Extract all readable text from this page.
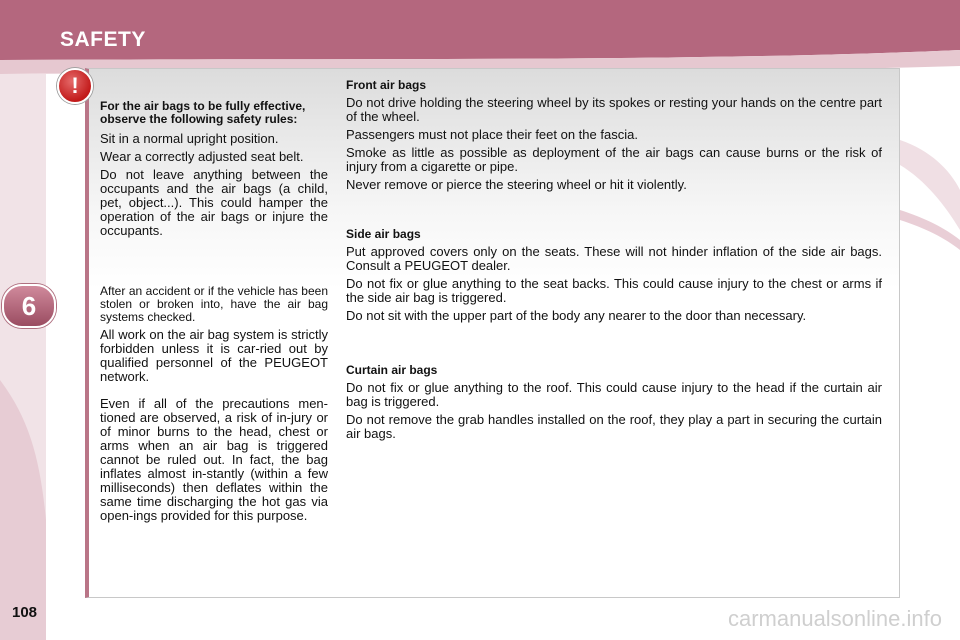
SAFETY
6
!

For the air bags to be fully effective, observe the following safety rules:

Sit in a normal upright position.

Wear a correctly adjusted seat belt.

Do not leave anything between the occupants and the air bags (a child, pet, object...). This could hamper the operation of the air bags or injure the occupants.

After an accident or if the vehicle has been stolen or broken into, have the air bag systems checked.

All work on the air bag system is strictly forbidden unless it is car-ried out by qualified personnel of the PEUGEOT network.

Even if all of the precautions men-tioned are observed, a risk of in-jury or of minor burns to the head, chest or arms when an air bag is triggered cannot be ruled out. In fact, the bag inflates almost in-stantly (within a few milliseconds) then deflates within the same time discharging the hot gas via open-ings provided for this purpose.

Front air bags

Do not drive holding the steering wheel by its spokes or resting your hands on the centre part of the wheel.

Passengers must not place their feet on the fascia.

Smoke as little as possible as deployment of the air bags can cause burns or the risk of injury from a cigarette or pipe.

Never remove or pierce the steering wheel or hit it violently.

Side air bags

Put approved covers only on the seats. These will not hinder inflation of the side air bags. Consult a PEUGEOT dealer.

Do not fix or glue anything to the seat backs. This could cause injury to the chest or arms if the side air bag is triggered.

Do not sit with the upper part of the body any nearer to the door than necessary.

Curtain air bags

Do not fix or glue anything to the roof. This could cause injury to the head if the curtain air bag is triggered.

Do not remove the grab handles installed on the roof, they play a part in securing the curtain air bags.

108	carmanualsonline.info
